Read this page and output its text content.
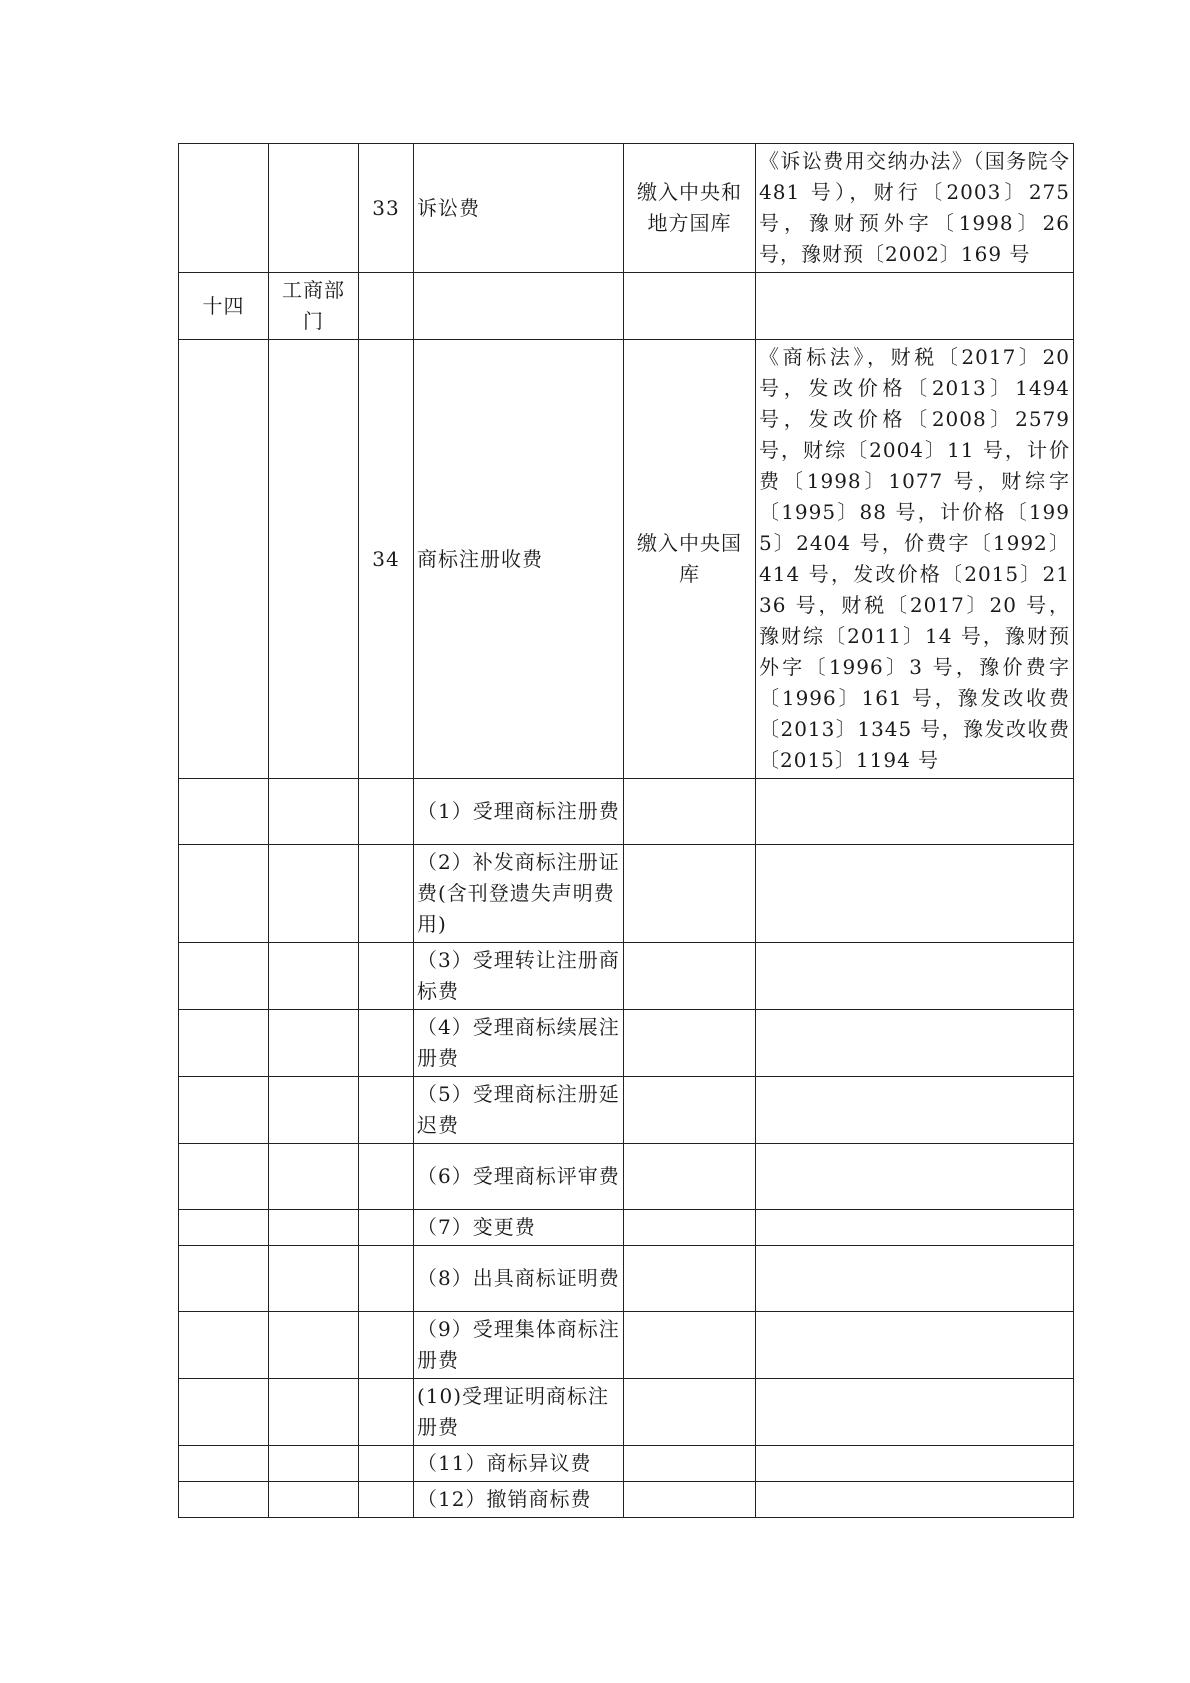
		33	诉讼费	缴入中央和地方国库	《诉讼费用交纳办法》（国务院令 481 号），财行〔2003〕275 号，豫财预外字〔1998〕26 号，豫财预〔2002〕169 号
十四	工商部门				
		34	商标注册收费	缴入中央国库	《商标法》，财税〔2017〕20 号，发改价格〔2013〕1494 号，发改价格〔2008〕2579 号，财综〔2004〕11 号，计价费〔1998〕1077 号，财综字〔1995〕88 号，计价格〔1995〕2404 号，价费字〔1992〕414 号，发改价格〔2015〕2136 号，财税〔2017〕20 号，豫财综〔2011〕14 号，豫财预外字〔1996〕3 号，豫价费字〔1996〕161 号，豫发改收费〔2013〕1345 号，豫发改收费〔2015〕1194 号
			（1）受理商标注册费		
			（2）补发商标注册证费(含刊登遗失声明费用)		
			（3）受理转让注册商标费		
			（4）受理商标续展注册费		
			（5）受理商标注册延迟费		
			（6）受理商标评审费		
			（7）变更费		
			（8）出具商标证明费		
			（9）受理集体商标注册费		
			(10)受理证明商标注册费		
			（11）商标异议费		
			（12）撤销商标费		
